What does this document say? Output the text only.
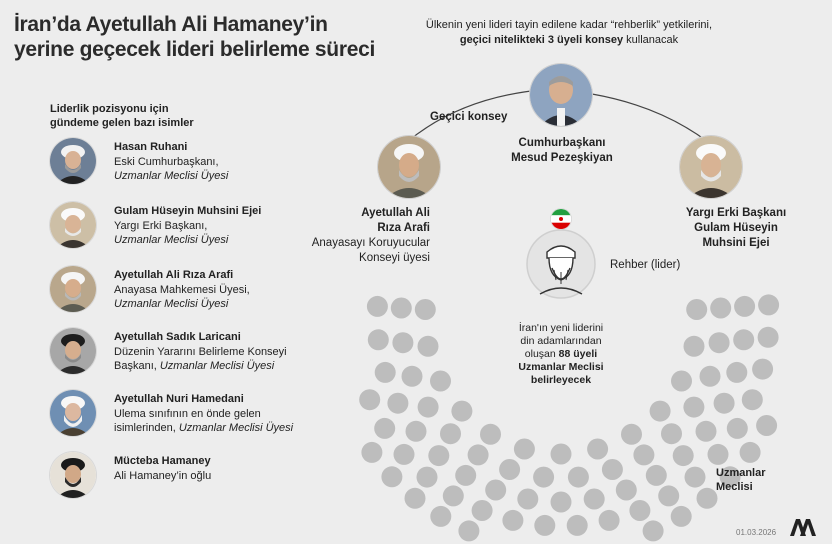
İran’da Ayetullah Ali Hamaney’in
yerine geçecek lideri belirleme süreci
Liderlik pozisyonu için
gündeme gelen bazı isimler
Hasan Ruhani
Eski Cumhurbaşkanı,
Uzmanlar Meclisi Üyesi
Gulam Hüseyin Muhsini Ejei
Yargı Erki Başkanı,
Uzmanlar Meclisi Üyesi
Ayetullah Ali Rıza Arafi
Anayasa Mahkemesi Üyesi,
Uzmanlar Meclisi Üyesi
Ayetullah Sadık Laricani
Düzenin Yararını Belirleme Konseyi
Başkanı, Uzmanlar Meclisi Üyesi
Ayetullah Nuri Hamedani
Ulema sınıfının en önde gelen
isimlerinden, Uzmanlar Meclisi Üyesi
Müctebа Hamaney
Ali Hamaney’in oğlu
Ülkenin yeni lideri tayin edilene kadar “rehberlik” yetkilerini,
geçici nitelikteki 3 üyeli konsey kullanacak
Cumhurbaşkanı
Mesud Pezeşkiyan
Geçici konsey
Ayetullah Ali
Rıza Arafi
Anayasayı Koruyucular
Konseyi üyesi
Yargı Erki Başkanı
Gulam Hüseyin
Muhsini Ejei
Rehber (lider)
İran'ın yeni liderini
din adamlarından
oluşan 88 üyeli
Uzmanlar Meclisi
belirleyecek
Uzmanlar
Meclisi
01.03.2026
